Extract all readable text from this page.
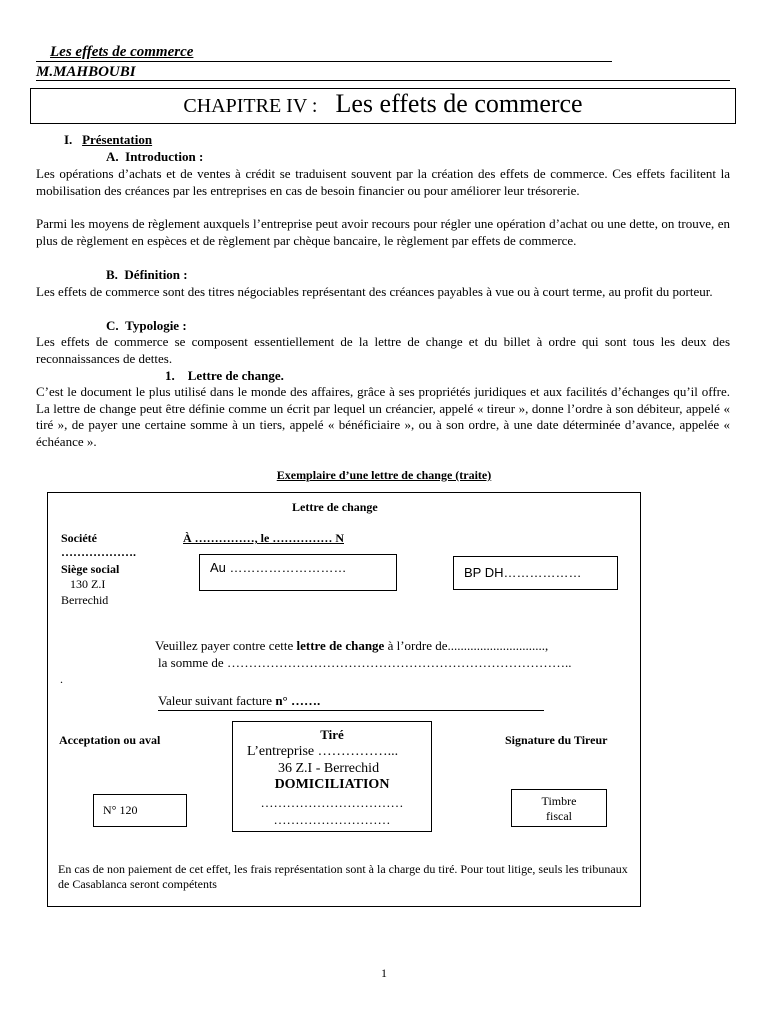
Les effets de commerce
M.MAHBOUBI
CHAPITRE IV : Les effets de commerce
I. Présentation
A. Introduction :
Les opérations d’achats et de ventes à crédit se traduisent souvent par la création des effets de commerce. Ces effets facilitent la mobilisation des créances par les entreprises en cas de besoin financier ou pour améliorer leur trésorerie.
Parmi les moyens de règlement auxquels l’entreprise peut avoir recours pour régler une opération d’achat ou une dette, on trouve, en plus de règlement en espèces et de règlement par chèque bancaire, le règlement par effets de commerce.
B. Définition :
Les effets de commerce sont des titres négociables représentant des créances payables à vue ou à court terme, au profit du porteur.
C. Typologie :
Les effets de commerce se composent essentiellement de la lettre de change et du billet à ordre qui sont tous les deux des reconnaissances de dettes.
1. Lettre de change.
C’est le document le plus utilisé dans le monde des affaires, grâce à ses propriétés juridiques et aux facilités d’échanges qu’il offre. La lettre de change peut être définie comme un écrit par lequel un créancier, appelé « tireur », donne l’ordre à son débiteur, appelé « tiré », de payer une certaine somme à un tiers, appelé « bénéficiaire », ou à son ordre, à une date déterminée d’avance, appelée « échéance ».
Exemplaire d’une lettre de change (traite)
Lettre de change
Société
……………….
À ……………, le …………… N
Siège social
130 Z.I
Berrechid
Au ………………………	BP DH………………
Veuillez payer contre cette lettre de change à l’ordre de..............................,
la somme de ……………………………………………………………………..
.
Valeur suivant facture n° …….
Acceptation ou aval	Signature du Tireur
Tiré
L’entreprise ……………...
36 Z.I - Berrechid
DOMICILIATION
……………………………
………………………
N° 120
Timbre
fiscal
En cas de non paiement de cet effet, les frais représentation sont à la charge du tiré. Pour tout litige, seuls les tribunaux de Casablanca seront compétents
1
